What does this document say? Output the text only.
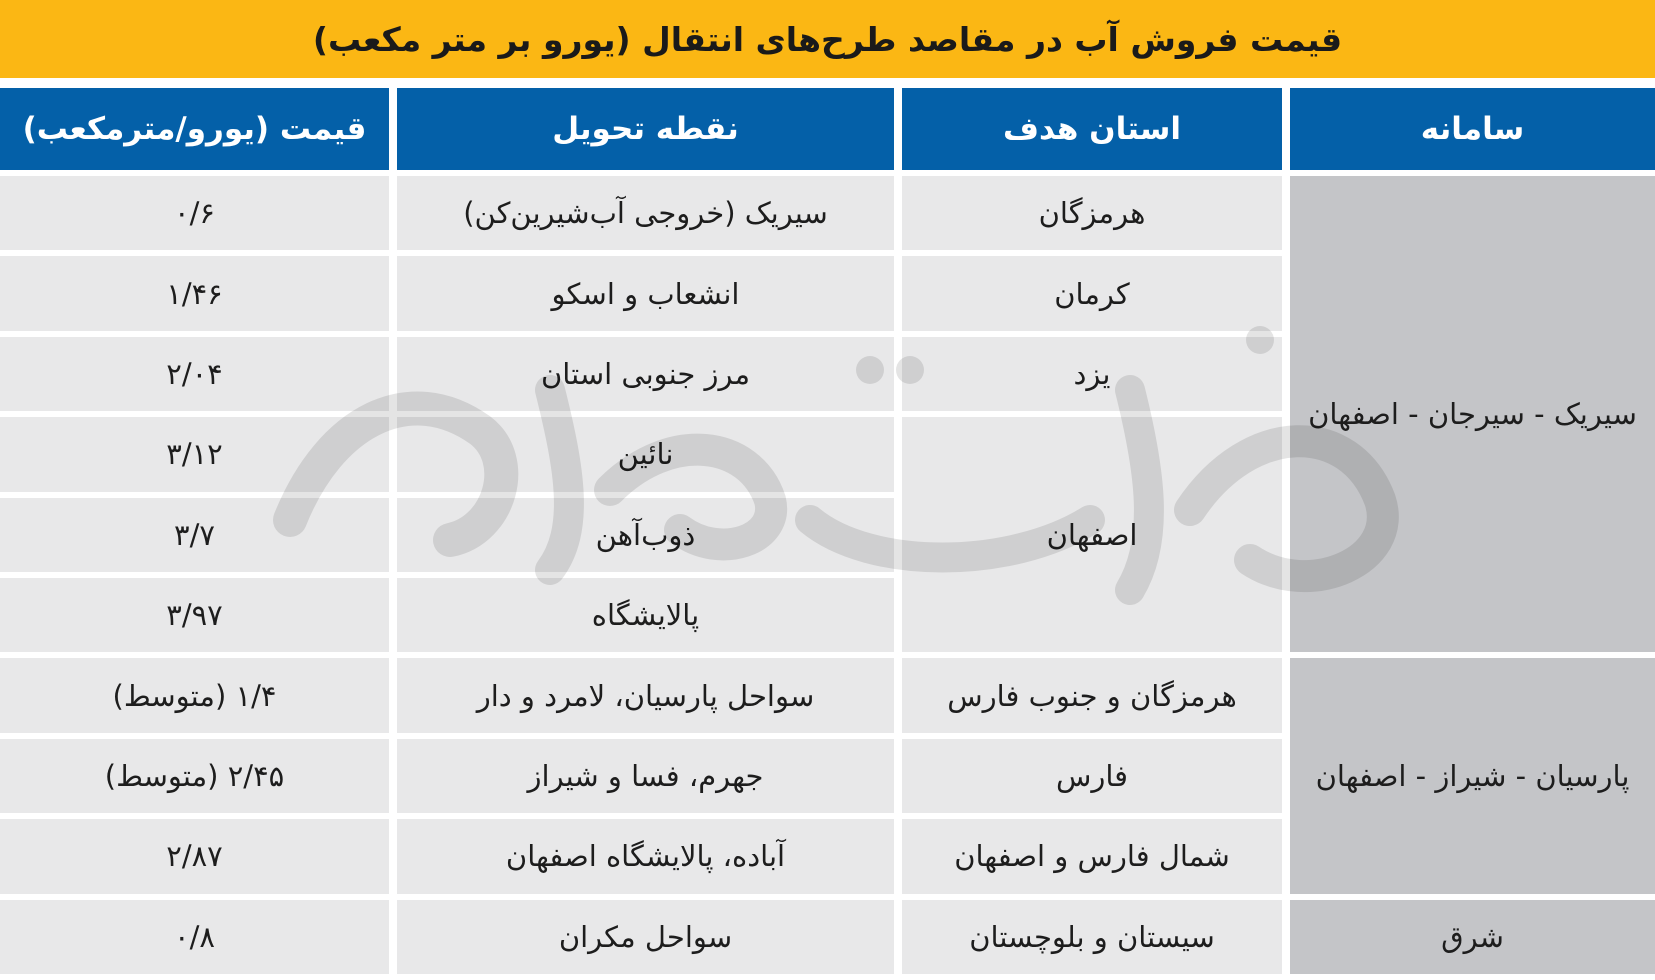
قیمت فروش آب در مقاصد طرح‌های انتقال (یورو بر متر مکعب)
سامانه	استان هدف	نقطه تحویل	قیمت (یورو/مترمکعب)
سیریک - سیرجان - اصفهان	هرمزگان	سیریک (خروجی آب‌شیرین‌کن)	۰/۶
	کرمان	انشعاب و اسکو	۱/۴۶
	یزد	مرز جنوبی استان	۲/۰۴
	اصفهان	نائین	۳/۱۲
		ذوب‌آهن	۳/۷
		پالایشگاه	۳/۹۷
پارسیان - شیراز - اصفهان	هرمزگان و جنوب فارس	سواحل پارسیان، لامرد و دار	۱/۴ (متوسط)
	فارس	جهرم، فسا و شیراز	۲/۴۵ (متوسط)
	شمال فارس و اصفهان	آباده، پالایشگاه اصفهان	۲/۸۷
شرق	سیستان و بلوچستان	سواحل مکران	۰/۸
